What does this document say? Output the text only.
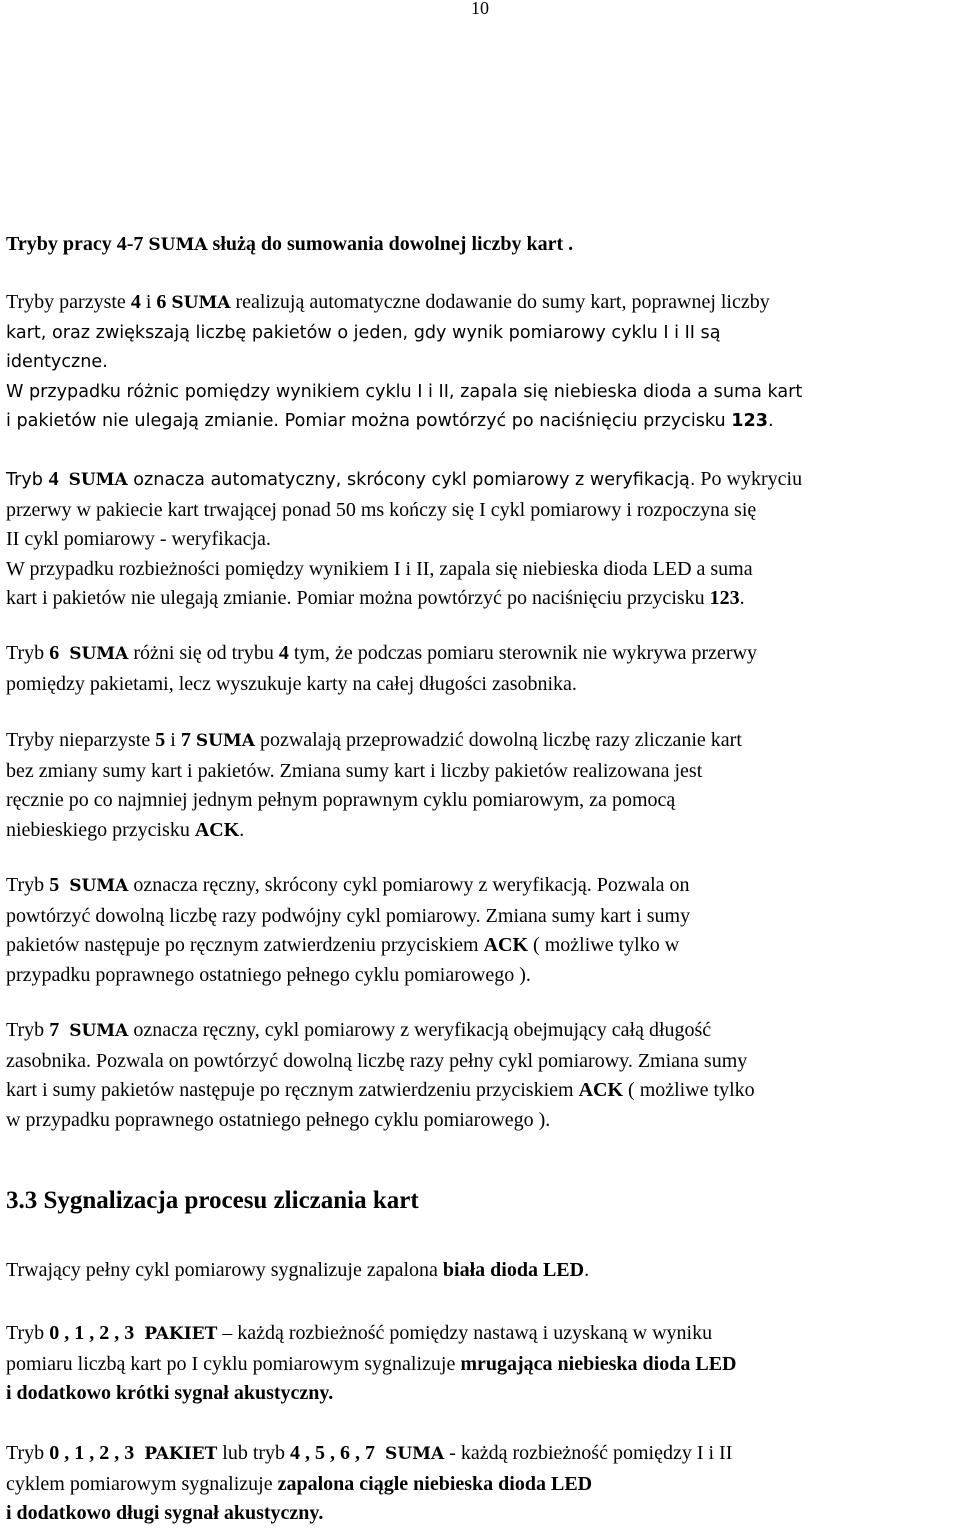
10
Tryby pracy 4-7 SUMA służą do sumowania dowolnej liczby kart .
Tryby parzyste 4 i 6 SUMA realizują automatyczne dodawanie do sumy kart, poprawnej liczby
kart, oraz zwiększają liczbę pakietów o jeden, gdy wynik pomiarowy cyklu I i II są
identyczne.
W przypadku różnic pomiędzy wynikiem cyklu I i II, zapala się niebieska dioda a suma kart
i pakietów nie ulegają zmianie. Pomiar można powtórzyć po naciśnięciu przycisku 123.
Tryb 4 SUMA oznacza automatyczny, skrócony cykl pomiarowy z weryfikacją. Po wykryciu
przerwy w pakiecie kart trwającej ponad 50 ms kończy się I cykl pomiarowy i rozpoczyna się
II cykl pomiarowy - weryfikacja.
W przypadku rozbieżności pomiędzy wynikiem I i II, zapala się niebieska dioda LED a suma
kart i pakietów nie ulegają zmianie. Pomiar można powtórzyć po naciśnięciu przycisku 123.
Tryb 6 SUMA różni się od trybu 4 tym, że podczas pomiaru sterownik nie wykrywa przerwy
pomiędzy pakietami, lecz wyszukuje karty na całej długości zasobnika.
Tryby nieparzyste 5 i 7 SUMA pozwalają przeprowadzić dowolną liczbę razy zliczanie kart
bez zmiany sumy kart i pakietów. Zmiana sumy kart i liczby pakietów realizowana jest
ręcznie po co najmniej jednym pełnym poprawnym cyklu pomiarowym, za pomocą
niebieskiego przycisku ACK.
Tryb 5 SUMA oznacza ręczny, skrócony cykl pomiarowy z weryfikacją. Pozwala on
powtórzyć dowolną liczbę razy podwójny cykl pomiarowy. Zmiana sumy kart i sumy
pakietów następuje po ręcznym zatwierdzeniu przyciskiem ACK ( możliwe tylko w
przypadku poprawnego ostatniego pełnego cyklu pomiarowego ).
Tryb 7 SUMA oznacza ręczny, cykl pomiarowy z weryfikacją obejmujący całą długość
zasobnika. Pozwala on powtórzyć dowolną liczbę razy pełny cykl pomiarowy. Zmiana sumy
kart i sumy pakietów następuje po ręcznym zatwierdzeniu przyciskiem ACK ( możliwe tylko
w przypadku poprawnego ostatniego pełnego cyklu pomiarowego ).
3.3 Sygnalizacja procesu zliczania kart
Trwający pełny cykl pomiarowy sygnalizuje zapalona biała dioda LED.
Tryb 0 , 1 , 2 , 3 PAKIET – każdą rozbieżność pomiędzy nastawą i uzyskaną w wyniku
pomiaru liczbą kart po I cyklu pomiarowym sygnalizuje mrugająca niebieska dioda LED
i dodatkowo krótki sygnał akustyczny.
Tryb 0 , 1 , 2 , 3 PAKIET lub tryb 4 , 5 , 6 , 7 SUMA - każdą rozbieżność pomiędzy I i II
cyklem pomiarowym sygnalizuje zapalona ciągle niebieska dioda LED
i dodatkowo długi sygnał akustyczny.
